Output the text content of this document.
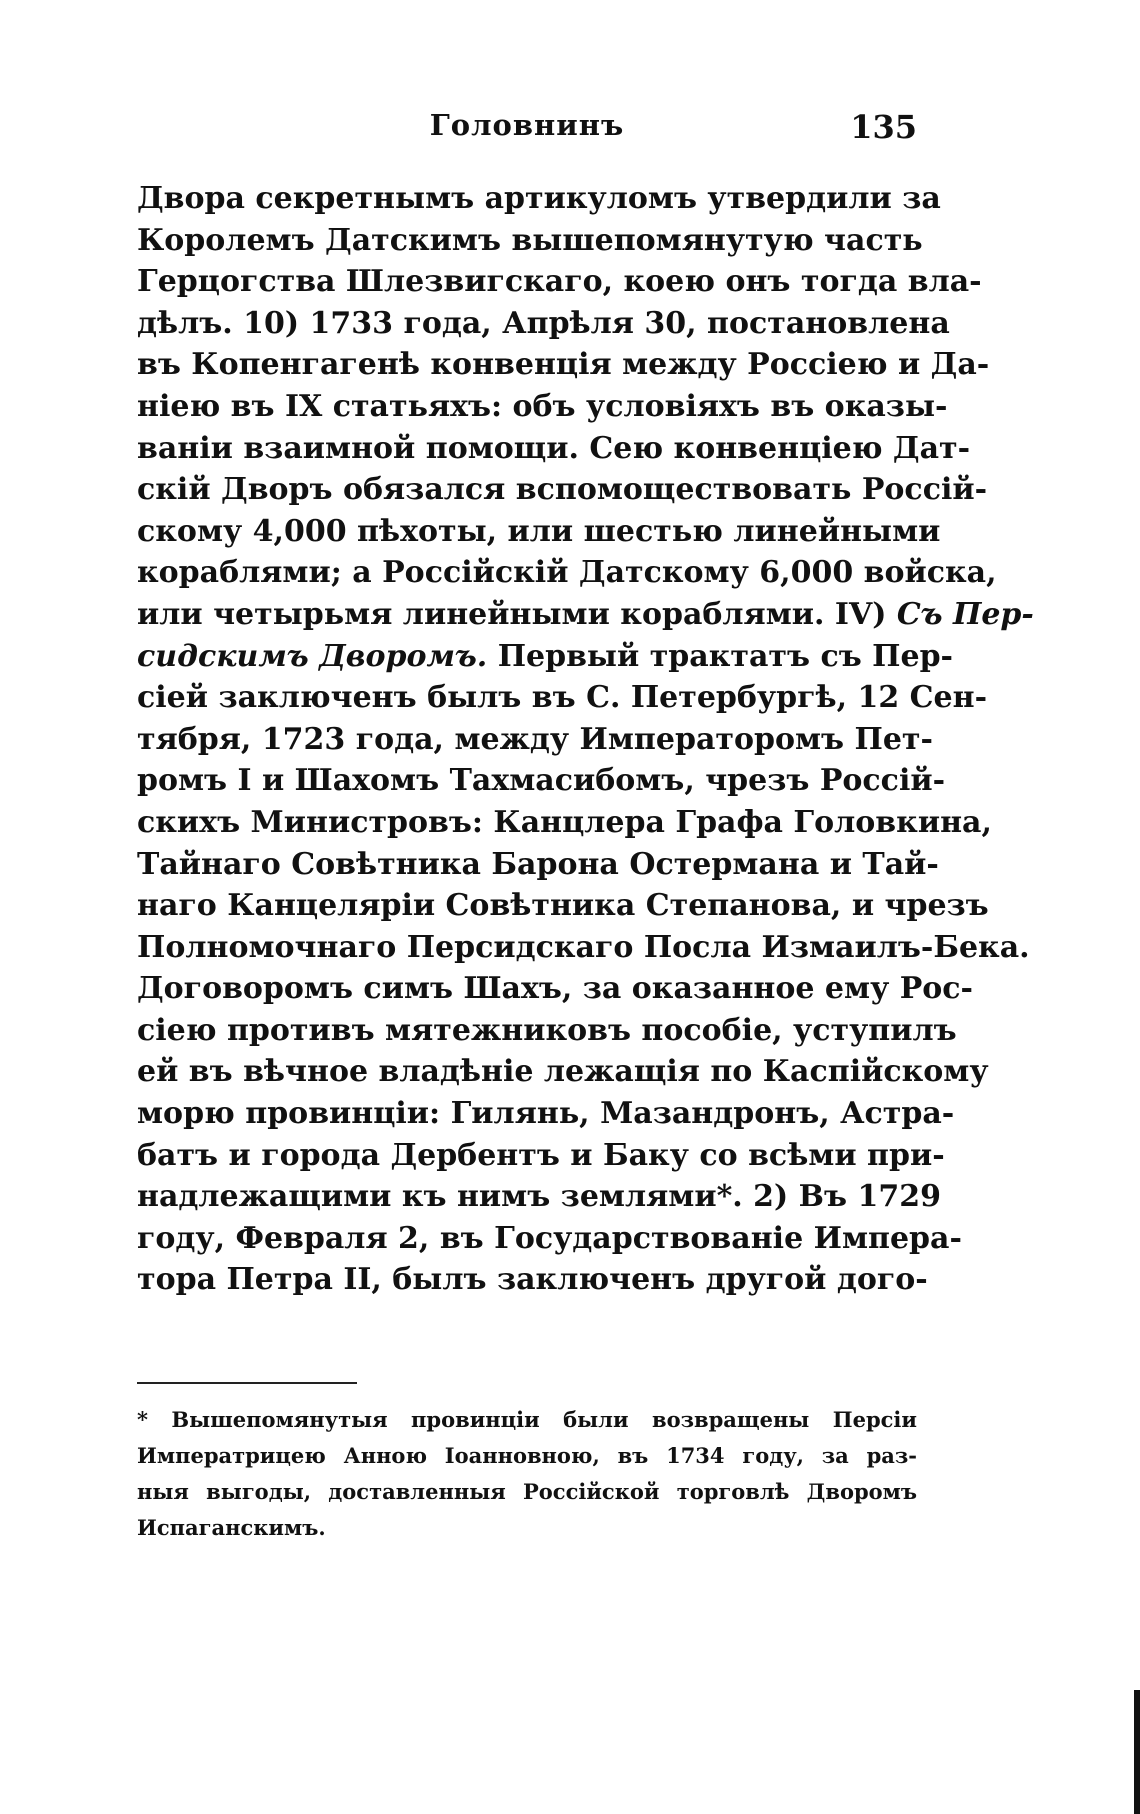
Головнинъ	135
Двора секретнымъ артикуломъ утвердили за
Королемъ Датскимъ вышепомянутую часть
Герцогства Шлезвигскаго, коею онъ тогда вла-
дѣлъ. 10) 1733 года, Апрѣля 30, постановлена
въ Копенгагенѣ конвенція между Россіею и Да-
ніею въ IX статьяхъ: объ условіяхъ въ оказы-
ваніи взаимной помощи. Сею конвенціею Дат-
скій Дворъ обязался вспомоществовать Россій-
скому 4,000 пѣхоты, или шестью линейными
кораблями; а Россійскій Датскому 6,000 войска,
или четырьмя линейными кораблями. IV) Съ Пер-
сидскимъ Дворомъ. Первый трактатъ съ Пер-
сіей заключенъ былъ въ С. Петербургѣ, 12 Сен-
тября, 1723 года, между Императоромъ Пет-
ромъ I и Шахомъ Тахмасибомъ, чрезъ Россій-
скихъ Министровъ: Канцлера Графа Головкина,
Тайнаго Совѣтника Барона Остермана и Тай-
наго Канцеляріи Совѣтника Степанова, и чрезъ
Полномочнаго Персидскаго Посла Измаилъ-Бека.
Договоромъ симъ Шахъ, за оказанное ему Рос-
сіею противъ мятежниковъ пособіе, уступилъ
ей въ вѣчное владѣніе лежащія по Каспійскому
морю провинціи: Гилянь, Мазандронъ, Астра-
батъ и города Дербентъ и Баку со всѣми при-
надлежащими къ нимъ землями*. 2) Въ 1729
году, Февраля 2, въ Государствованіе Импера-
тора Петра II, былъ заключенъ другой дого-
* Вышепомянутыя провинціи были возвращены Персіи
Императрицею Анною Іоанновною, въ 1734 году, за раз-
ныя выгоды, доставленныя Россійской торговлѣ Дворомъ
Испаганскимъ.
